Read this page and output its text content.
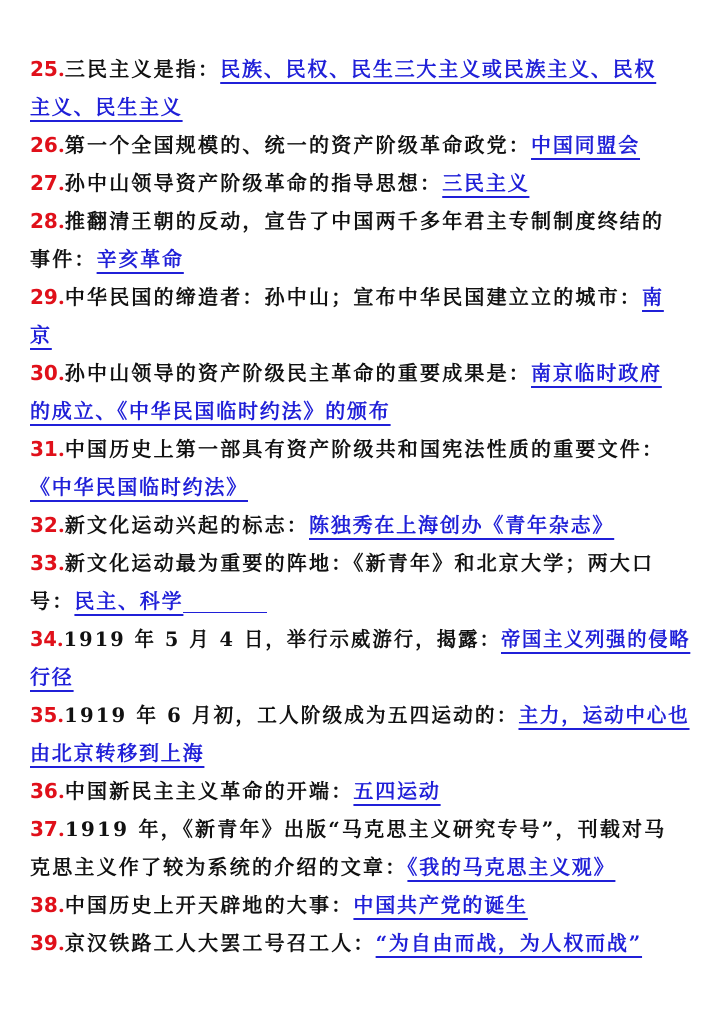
25.三民主义是指：民族、民权、民生三大主义或民族主义、民权
主义、民生主义
26.第一个全国规模的、统一的资产阶级革命政党：中国同盟会
27.孙中山领导资产阶级革命的指导思想：三民主义
28.推翻清王朝的反动，宣告了中国两千多年君主专制制度终结的
事件：辛亥革命
29.中华民国的缔造者：孙中山；宣布中华民国建立立的城市：南
京
30.孙中山领导的资产阶级民主革命的重要成果是：南京临时政府
的成立、《中华民国临时约法》的颁布
31.中国历史上第一部具有资产阶级共和国宪法性质的重要文件：
《中华民国临时约法》
32.新文化运动兴起的标志：陈独秀在上海创办《青年杂志》
33.新文化运动最为重要的阵地：《新青年》和北京大学；两大口
号：民主、科学
34.1919 年 5 月 4 日，举行示威游行，揭露：帝国主义列强的侵略
行径
35.1919 年 6 月初，工人阶级成为五四运动的：主力，运动中心也
由北京转移到上海
36.中国新民主主义革命的开端：五四运动
37.1919 年，《新青年》出版“马克思主义研究专号”，刊载对马
克思主义作了较为系统的介绍的文章：《我的马克思主义观》
38.中国历史上开天辟地的大事：中国共产党的诞生
39.京汉铁路工人大罢工号召工人：“为自由而战，为人权而战”
